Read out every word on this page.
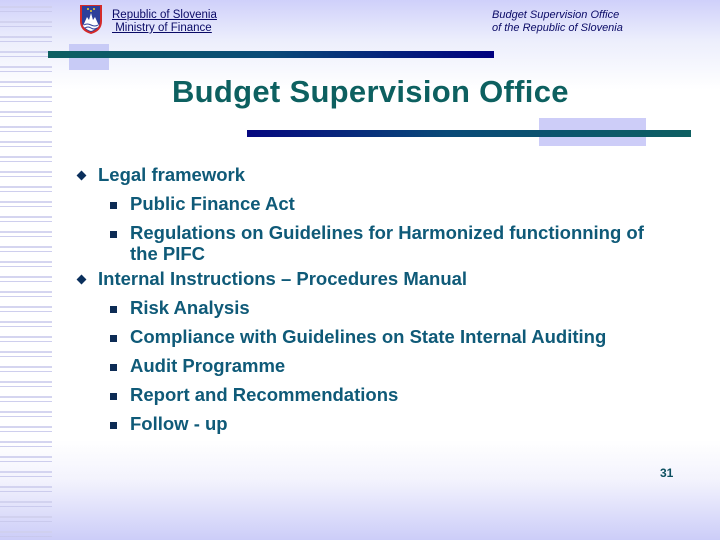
Republic of Slovenia
Ministry of Finance
Budget Supervision Office
of the Republic of Slovenia
Budget Supervision Office
Legal framework
Public Finance Act
Regulations on Guidelines for Harmonized functionning of
the PIFC
Internal Instructions – Procedures Manual
Risk Analysis
Compliance with Guidelines on State Internal Auditing
Audit Programme
Report and Recommendations
Follow - up
31
